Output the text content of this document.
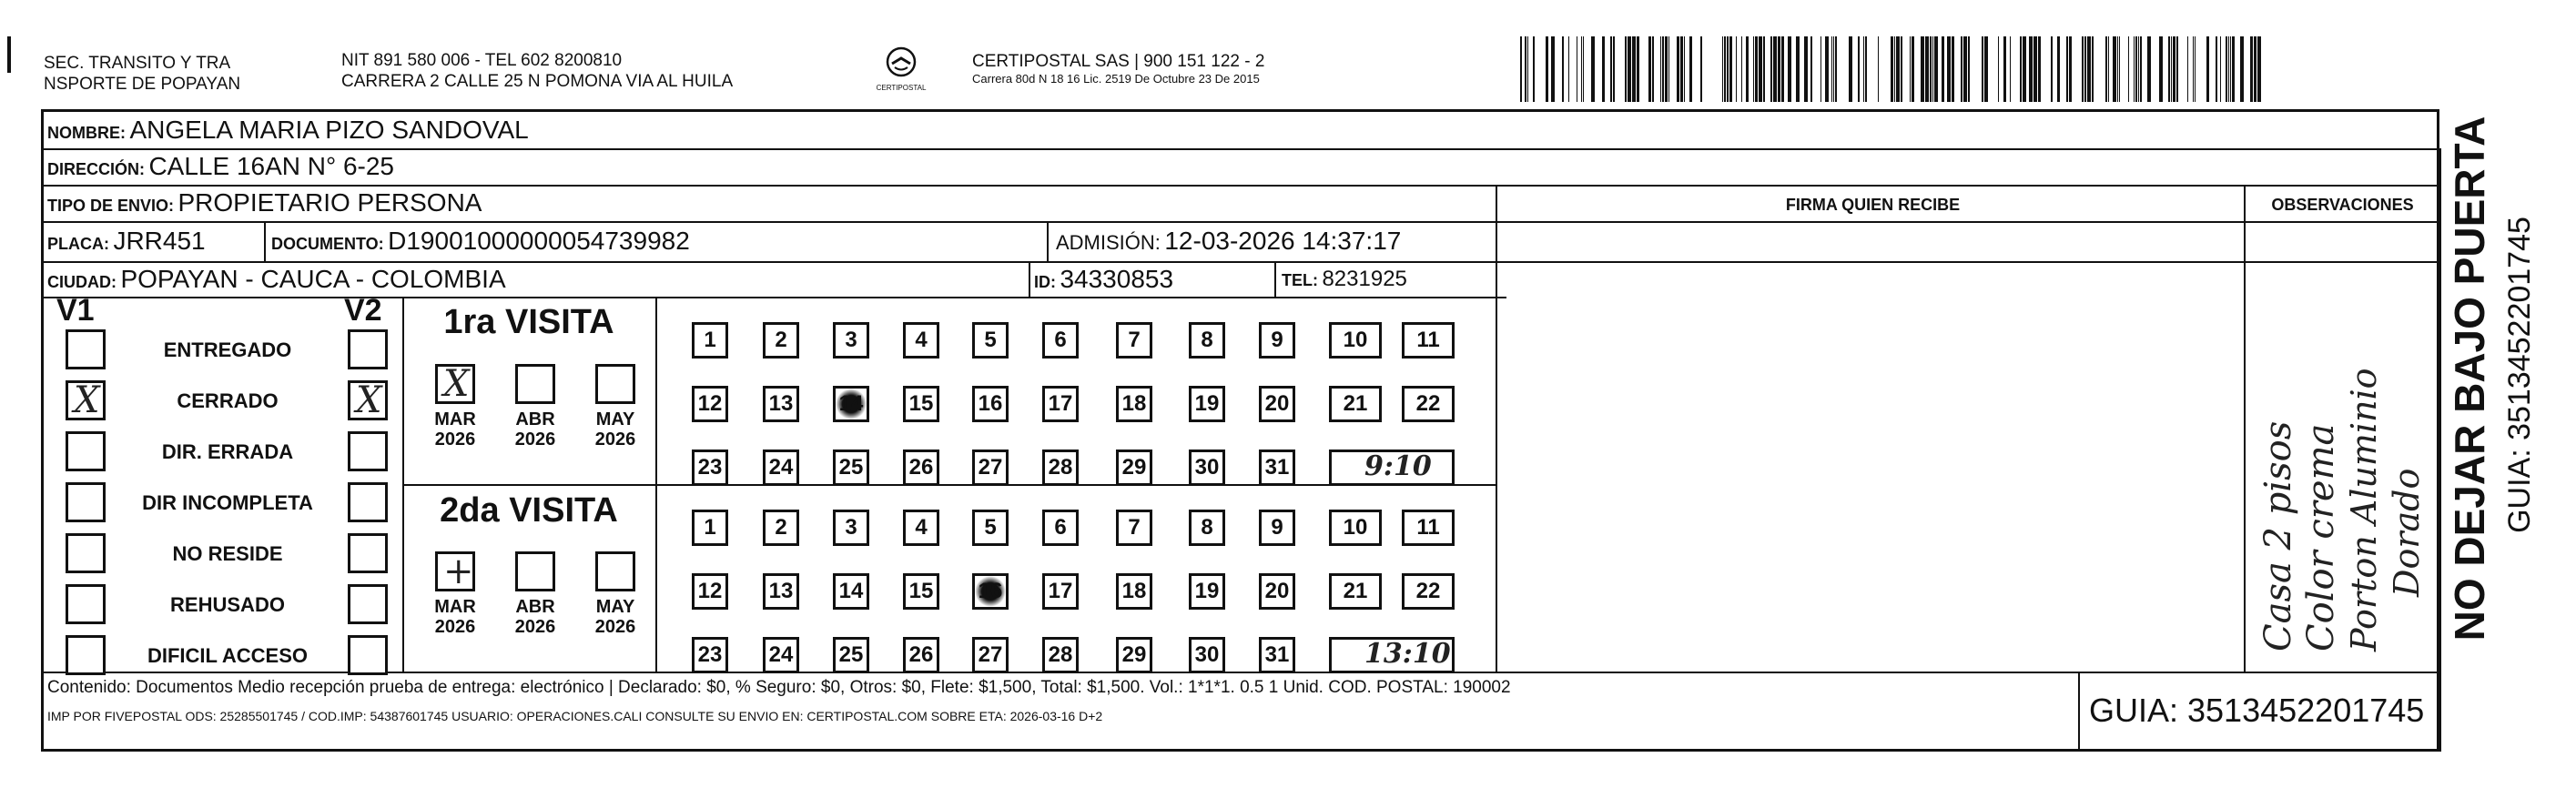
SEC. TRANSITO Y TRA
NSPORTE DE POPAYAN
NIT 891 580 006 - TEL 602 8200810
CARRERA 2 CALLE 25 N POMONA VIA AL HUILA	CERTIPOSTAL
CERTIPOSTAL SAS | 900 151 122 - 2
Carrera 80d N 18 16 Lic. 2519 De Octubre 23 De 2015
NOMBRE: ANGELA MARIA PIZO SANDOVAL
DIRECCIÓN: CALLE 16AN N° 6-25
TIPO DE ENVIO: PROPIETARIO PERSONA	FIRMA QUIEN RECIBE	OBSERVACIONES
PLACA: JRR451	DOCUMENTO: D19001000000054739982	ADMISIÓN: 12-03-2026 14:37:17
CIUDAD: POPAYAN - CAUCA - COLOMBIA	ID: 34330853	TEL: 8231925
V1	V2
ENTREGADO
X	CERRADO	X
DIR. ERRADA
DIR INCOMPLETA
NO RESIDE
REHUSADO
DIFICIL ACCESO
1ra VISITA
2da VISITA
X
MAR
2026
ABR
2026
MAY
2026
1	2	3	4	5	6	7	8	9	10	11
12 13 14 15 16 17 18 19 20	21	22
23 24 25 26 27 28 29 30 31	9:10
+
MAR
2026
ABR
2026
MAY
2026
1	2	3	4	5	6	7	8	9	10	11
12 13 14 15 16 17 18 19 20	21	22
23 24 25 26 27 28 29 30 31	13:10
Casa 2 pisos Color crema Porton Aluminio Dorado NO DEJAR BAJO PUERTA GUIA: 3513452201745
Contenido: Documentos Medio recepción prueba de entrega: electrónico | Declarado: $0, % Seguro: $0, Otros: $0, Flete: $1,500, Total: $1,500. Vol.: 1*1*1. 0.5 1 Unid. COD. POSTAL: 190002
IMP POR FIVEPOSTAL ODS: 25285501745 / COD.IMP: 54387601745 USUARIO: OPERACIONES.CALI CONSULTE SU ENVIO EN: CERTIPOSTAL.COM SOBRE ETA: 2026-03-16 D+2	GUIA: 3513452201745
